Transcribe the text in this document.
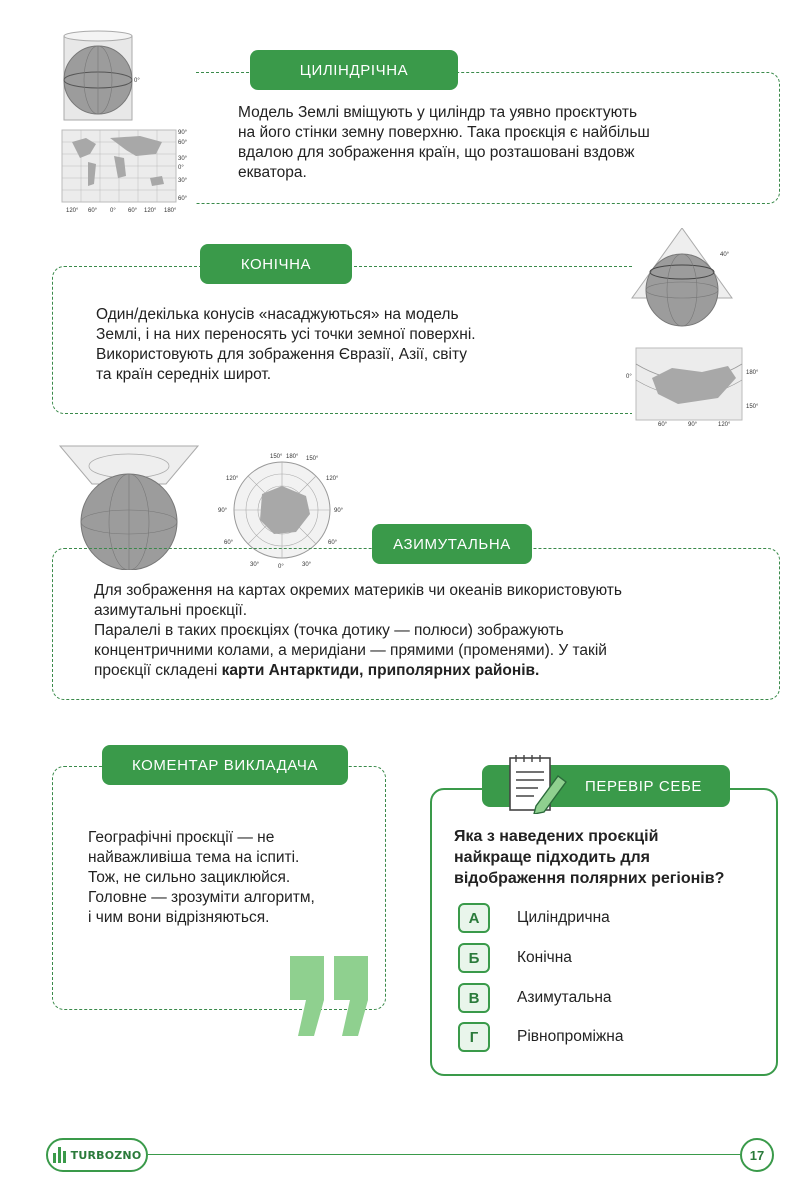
0°
90°
60°
30°
0°
30°
60°
120° 60° 0° 60° 120° 180°
ЦИЛІНДРІЧНА
Модель Землі вміщують у циліндр та уявно проєктують
на його стінки земну поверхню. Така проєкція є найбільш
вдалою для зображення країн, що розташовані вздовж
екватора.
КОНІЧНА
Один/декілька конусів «насаджуються» на модель
Землі, і на них переносять усі точки земної поверхні.
Використовують для зображення Євразії, Азії, світу
та країн середніх широт.
40°
0°
180°
150°
60°	90°	120°
150° 180° 150°
120°	120°
90°	90°
60°	60°
30°	0°	30°
АЗИМУТАЛЬНА
Для зображення на картах окремих материків чи океанів використовують
азимутальні проєкції.
Паралелі в таких проєкціях (точка дотику — полюси) зображують
концентричними колами, а меридіани — прямими (променями). У такій
проєкції складені карти Антарктиди, приполярних районів.
КОМЕНТАР ВИКЛАДАЧА
Географічні проєкції — не
найважливіша тема на іспиті.
Тож, не сильно зациклюйся.
Головне — зрозуміти алгоритм,
і чим вони відрізняються.
ПЕРЕВІР СЕБЕ
Яка з наведених проєкцій
найкраще підходить для
відображення полярних регіонів?
А	Циліндрична
Б	Конічна
В	Азимутальна
Г	Рівнопроміжна
TURBOZNO	17
